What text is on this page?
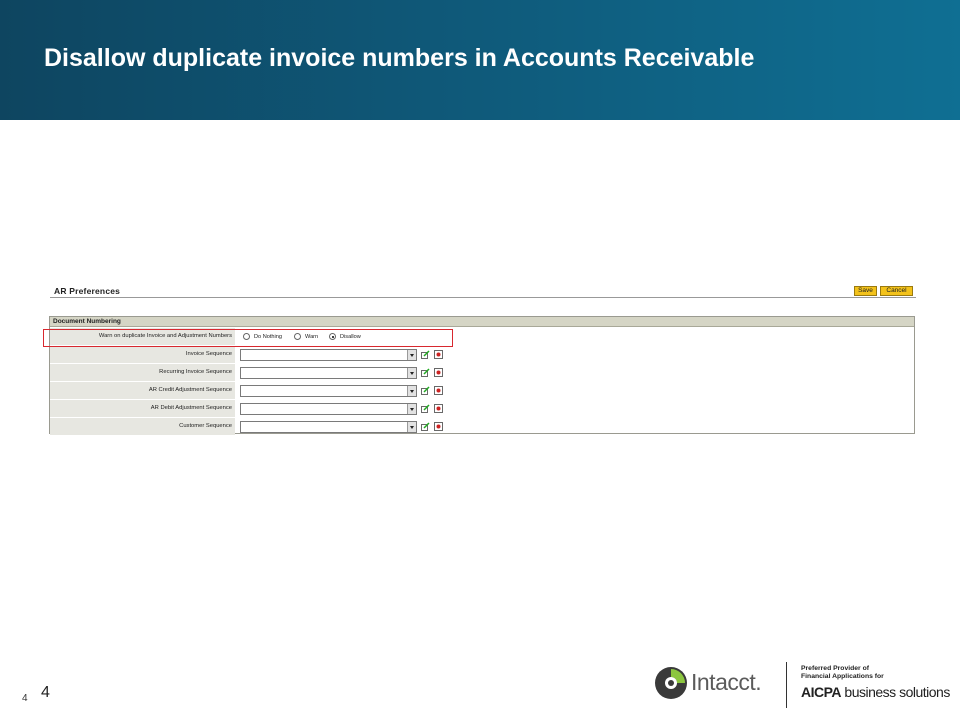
Disallow duplicate invoice numbers in Accounts Receivable
AR Preferences	Save	Cancel
Document Numbering
Warn on duplicate Invoice and Adjustment Numbers	Do Nothing	Warn	Disallow
Invoice Sequence
Recurring Invoice Sequence
AR Credit Adjustment Sequence
AR Debit Adjustment Sequence
Customer Sequence
4 4	Intacct.
Preferred Provider of
Financial Applications for
AICPA business solutions
